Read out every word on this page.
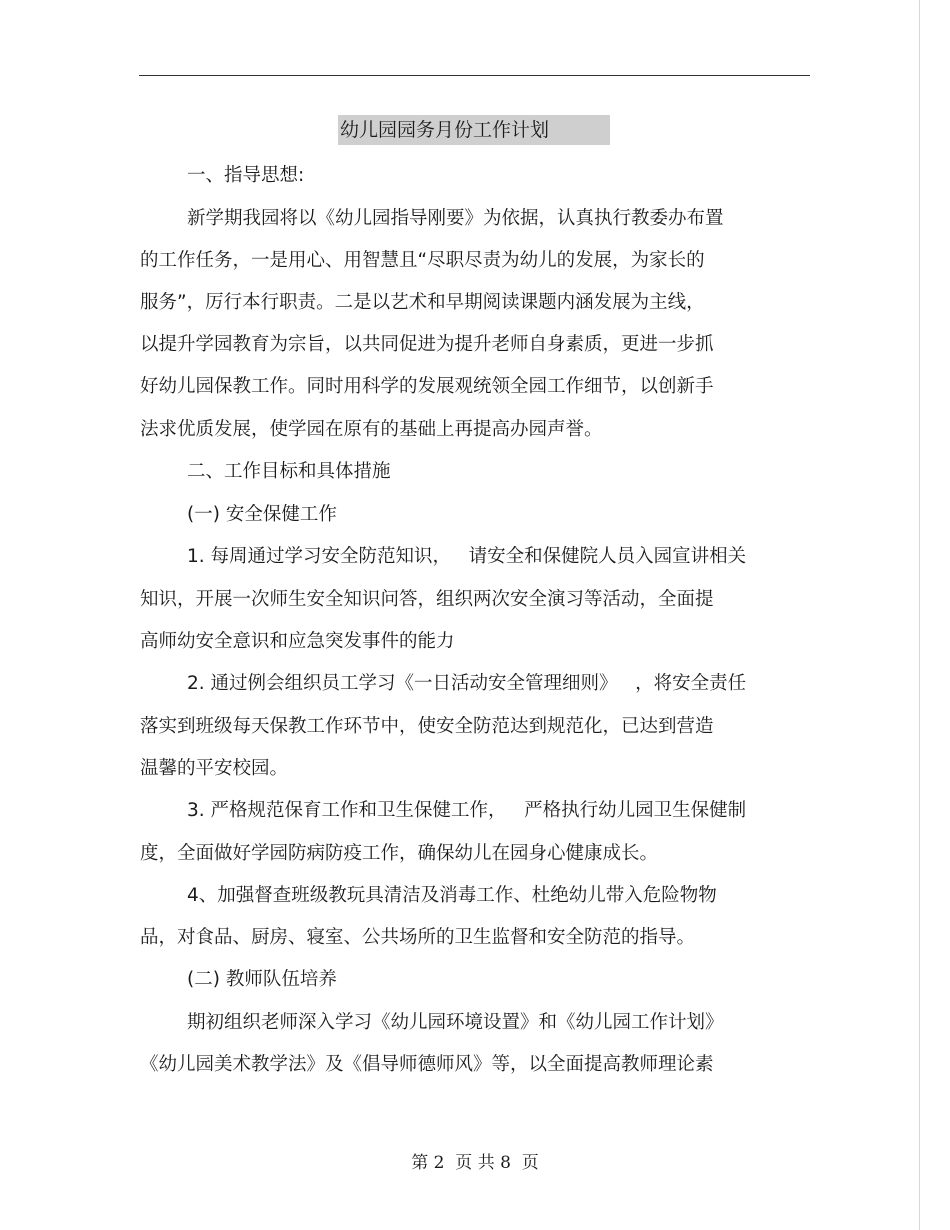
幼儿园园务月份工作计划
一、指导思想:
新学期我园将以《幼儿园指导刚要》为依据，认真执行教委办布置
的工作任务，一是用心、用智慧且“尽职尽责为幼儿的发展，为家长的
服务”，厉行本行职责。二是以艺术和早期阅读课题内涵发展为主线，
以提升学园教育为宗旨，以共同促进为提升老师自身素质，更进一步抓
好幼儿园保教工作。同时用科学的发展观统领全园工作细节，以创新手
法求优质发展，使学园在原有的基础上再提高办园声誉。
二、工作目标和具体措施
(一) 安全保健工作
1. 每周通过学习安全防范知识，   请安全和保健院人员入园宣讲相关
知识，开展一次师生安全知识问答，组织两次安全演习等活动，全面提
高师幼安全意识和应急突发事件的能力
2. 通过例会组织员工学习《一日活动安全管理细则》   ，将安全责任
落实到班级每天保教工作环节中，使安全防范达到规范化，已达到营造
温馨的平安校园。
3. 严格规范保育工作和卫生保健工作，   严格执行幼儿园卫生保健制
度，全面做好学园防病防疫工作，确保幼儿在园身心健康成长。
4、加强督查班级教玩具清洁及消毒工作、杜绝幼儿带入危险物物
品，对食品、厨房、寝室、公共场所的卫生监督和安全防范的指导。
(二) 教师队伍培养
期初组织老师深入学习《幼儿园环境设置》和《幼儿园工作计划》
《幼儿园美术教学法》及《倡导师德师风》等，以全面提高教师理论素
第 2  页 共 8  页
